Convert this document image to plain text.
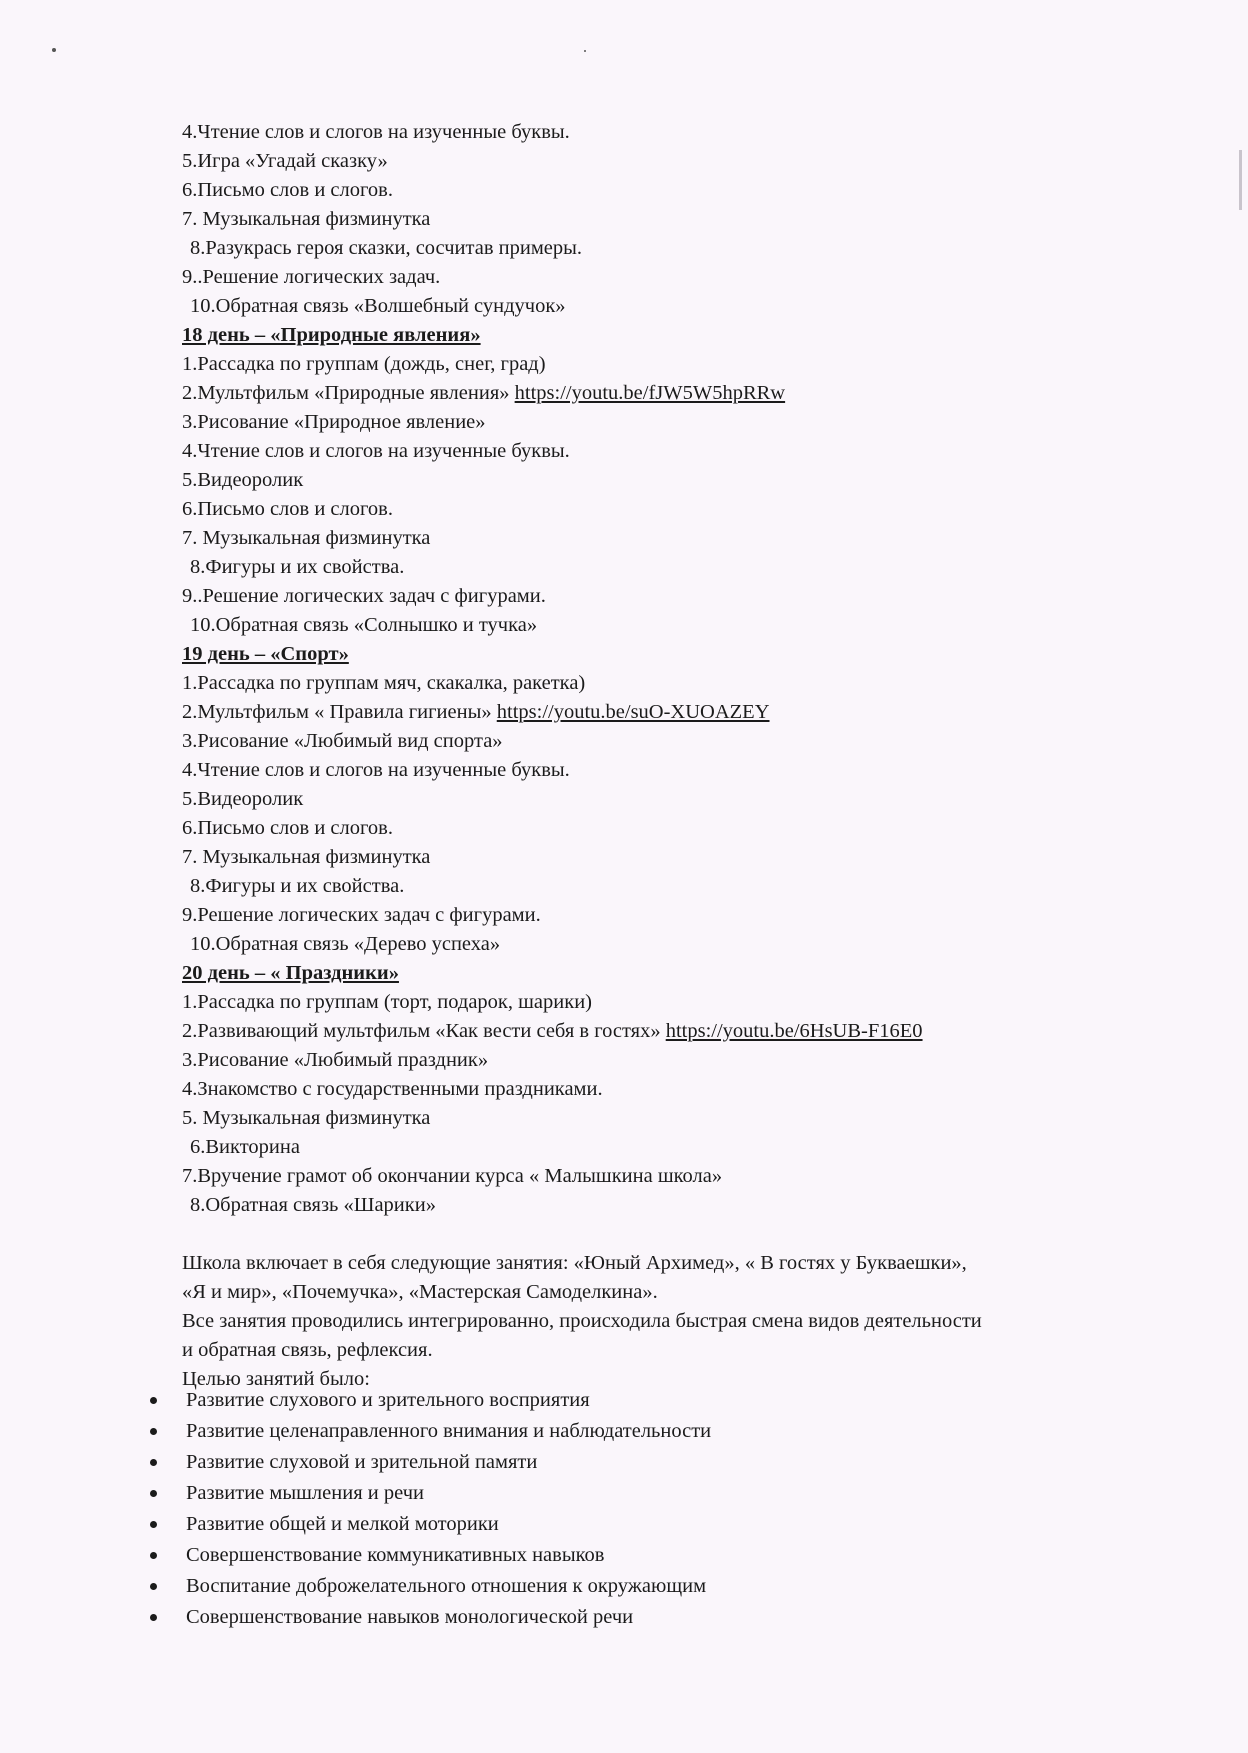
4.Чтение слов и слогов на изученные буквы.
5.Игра «Угадай сказку»
6.Письмо слов и слогов.
7. Музыкальная физминутка
8.Разукрась героя сказки, сосчитав примеры.
9..Решение логических задач.
10.Обратная связь «Волшебный сундучок»
18 день – «Природные явления»
1.Рассадка по группам (дождь, снег, град)
2.Мультфильм «Природные явления» https://youtu.be/fJW5W5hpRRw
3.Рисование «Природное явление»
4.Чтение слов и слогов на изученные буквы.
5.Видеоролик
6.Письмо слов и слогов.
7. Музыкальная физминутка
8.Фигуры и их свойства.
9..Решение логических задач с фигурами.
10.Обратная связь «Солнышко и тучка»
19 день – «Спорт»
1.Рассадка по группам мяч, скакалка, ракетка)
2.Мультфильм « Правила гигиены» https://youtu.be/suO-XUOAZEY
3.Рисование «Любимый вид спорта»
4.Чтение слов и слогов на изученные буквы.
5.Видеоролик
6.Письмо слов и слогов.
7. Музыкальная физминутка
8.Фигуры и их свойства.
9.Решение логических задач с фигурами.
10.Обратная связь «Дерево успеха»
20 день – « Праздники»
1.Рассадка по группам (торт, подарок, шарики)
2.Развивающий мультфильм «Как вести себя в гостях» https://youtu.be/6HsUB-F16E0
3.Рисование «Любимый праздник»
4.Знакомство с государственными праздниками.
5. Музыкальная физминутка
6.Викторина
7.Вручение грамот об окончании курса « Малышкина школа»
8.Обратная связь «Шарики»
Школа включает в себя следующие занятия: «Юный Архимед», « В гостях у Букваешки»,
«Я и мир», «Почемучка», «Мастерская Самоделкина».
Все занятия проводились интегрированно, происходила быстрая смена видов деятельности
и обратная связь, рефлексия.
Целью занятий было:
Развитие слухового и зрительного восприятия
Развитие целенаправленного внимания и наблюдательности
Развитие слуховой и зрительной памяти
Развитие мышления и речи
Развитие общей и мелкой моторики
Совершенствование коммуникативных навыков
Воспитание доброжелательного отношения к окружающим
Совершенствование навыков монологической речи
